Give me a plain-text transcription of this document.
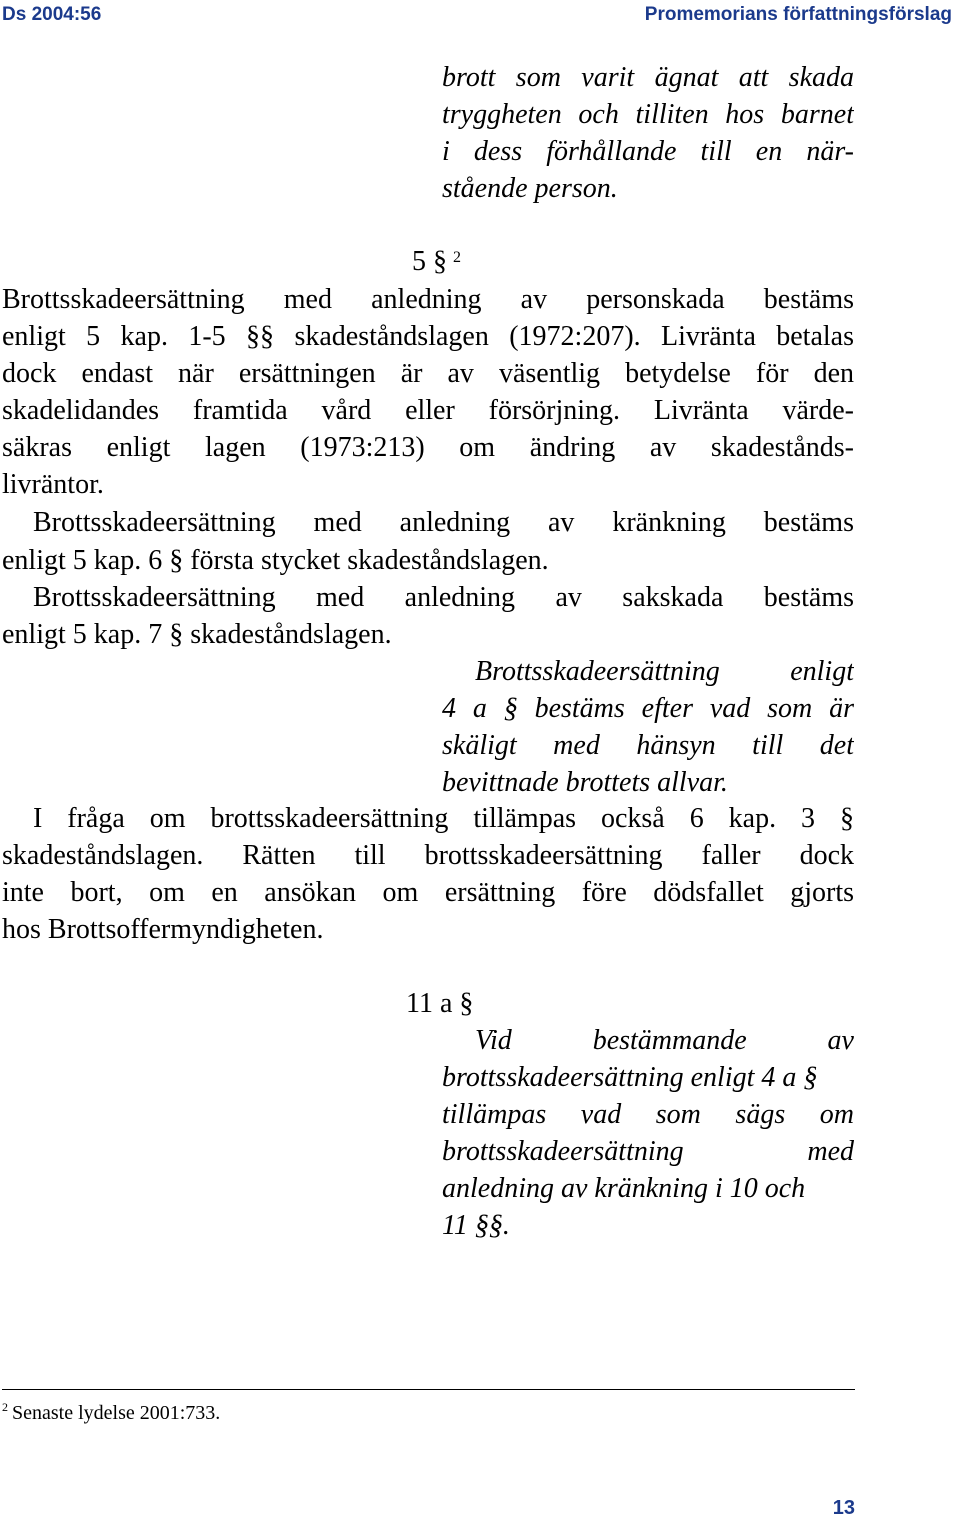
Ds 2004:56	Promemorians författningsförslag
brott som varit ägnat att skada
tryggheten och tilliten hos barnet
i dess förhållande till en när-
stående person.
5 § $^2$
Brottsskadeersättning med anledning av personskada bestäms
enligt 5 kap. 1-5 §§ skadeståndslagen (1972:207). Livränta betalas
dock endast när ersättningen är av väsentlig betydelse för den
skadelidandes framtida vård eller försörjning. Livränta värde-
säkras enligt lagen (1973:213) om ändring av skadestånds-
livräntor.
Brottsskadeersättning med anledning av kränkning bestäms
enligt 5 kap. 6 § första stycket skadeståndslagen.
Brottsskadeersättning med anledning av sakskada bestäms
enligt 5 kap. 7 § skadeståndslagen.
Brottsskadeersättning enligt
4 a § bestäms efter vad som är
skäligt med hänsyn till det
bevittnade brottets allvar.
I fråga om brottsskadeersättning tillämpas också 6 kap. 3 §
skadeståndslagen. Rätten till brottsskadeersättning faller dock
inte bort, om en ansökan om ersättning före dödsfallet gjorts
hos Brottsoffermyndigheten.
11 a §
Vid bestämmande av
brottsskadeersättning enligt 4 a §
tillämpas vad som sägs om
brottsskadeersättning med
anledning av kränkning i 10 och
11 §§.
$^2$ Senaste lydelse 2001:733.
13
